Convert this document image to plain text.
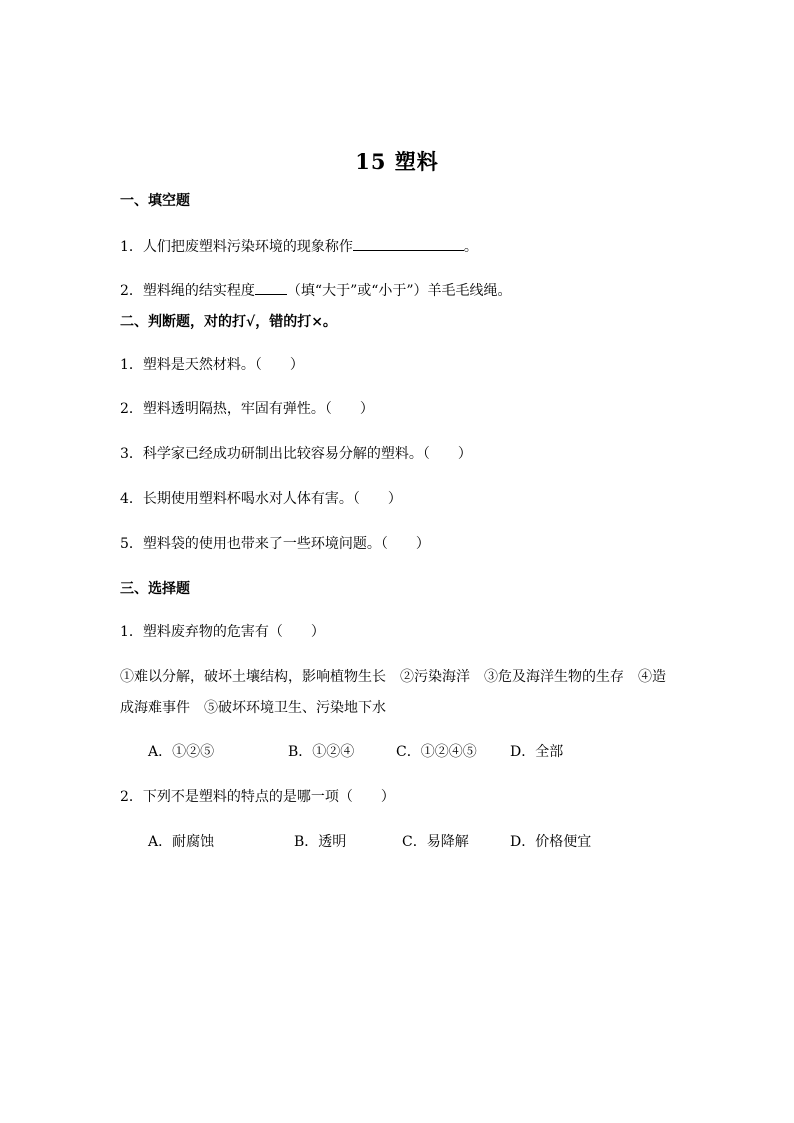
15 塑料
一、填空题
1．人们把废塑料污染环境的现象称作	。
2．塑料绳的结实程度 （填“大于”或“小于”）羊毛毛线绳。
二、判断题，对的打√，错的打×。
1．塑料是天然材料。（　　）
2．塑料透明隔热，牢固有弹性。（　　）
3．科学家已经成功研制出比较容易分解的塑料。（　　）
4．长期使用塑料杯喝水对人体有害。（　　）
5．塑料袋的使用也带来了一些环境问题。（　　）
三、选择题
1．塑料废弃物的危害有（　　）
①难以分解，破坏土壤结构，影响植物生长　②污染海洋　③危及海洋生物的生存　④造
成海难事件　⑤破坏环境卫生、污染地下水
A．①②⑤	B．①②④	C．①②④⑤ D．全部
2．下列不是塑料的特点的是哪一项（　　）
A．耐腐蚀	B．透明	C．易降解	D．价格便宜
